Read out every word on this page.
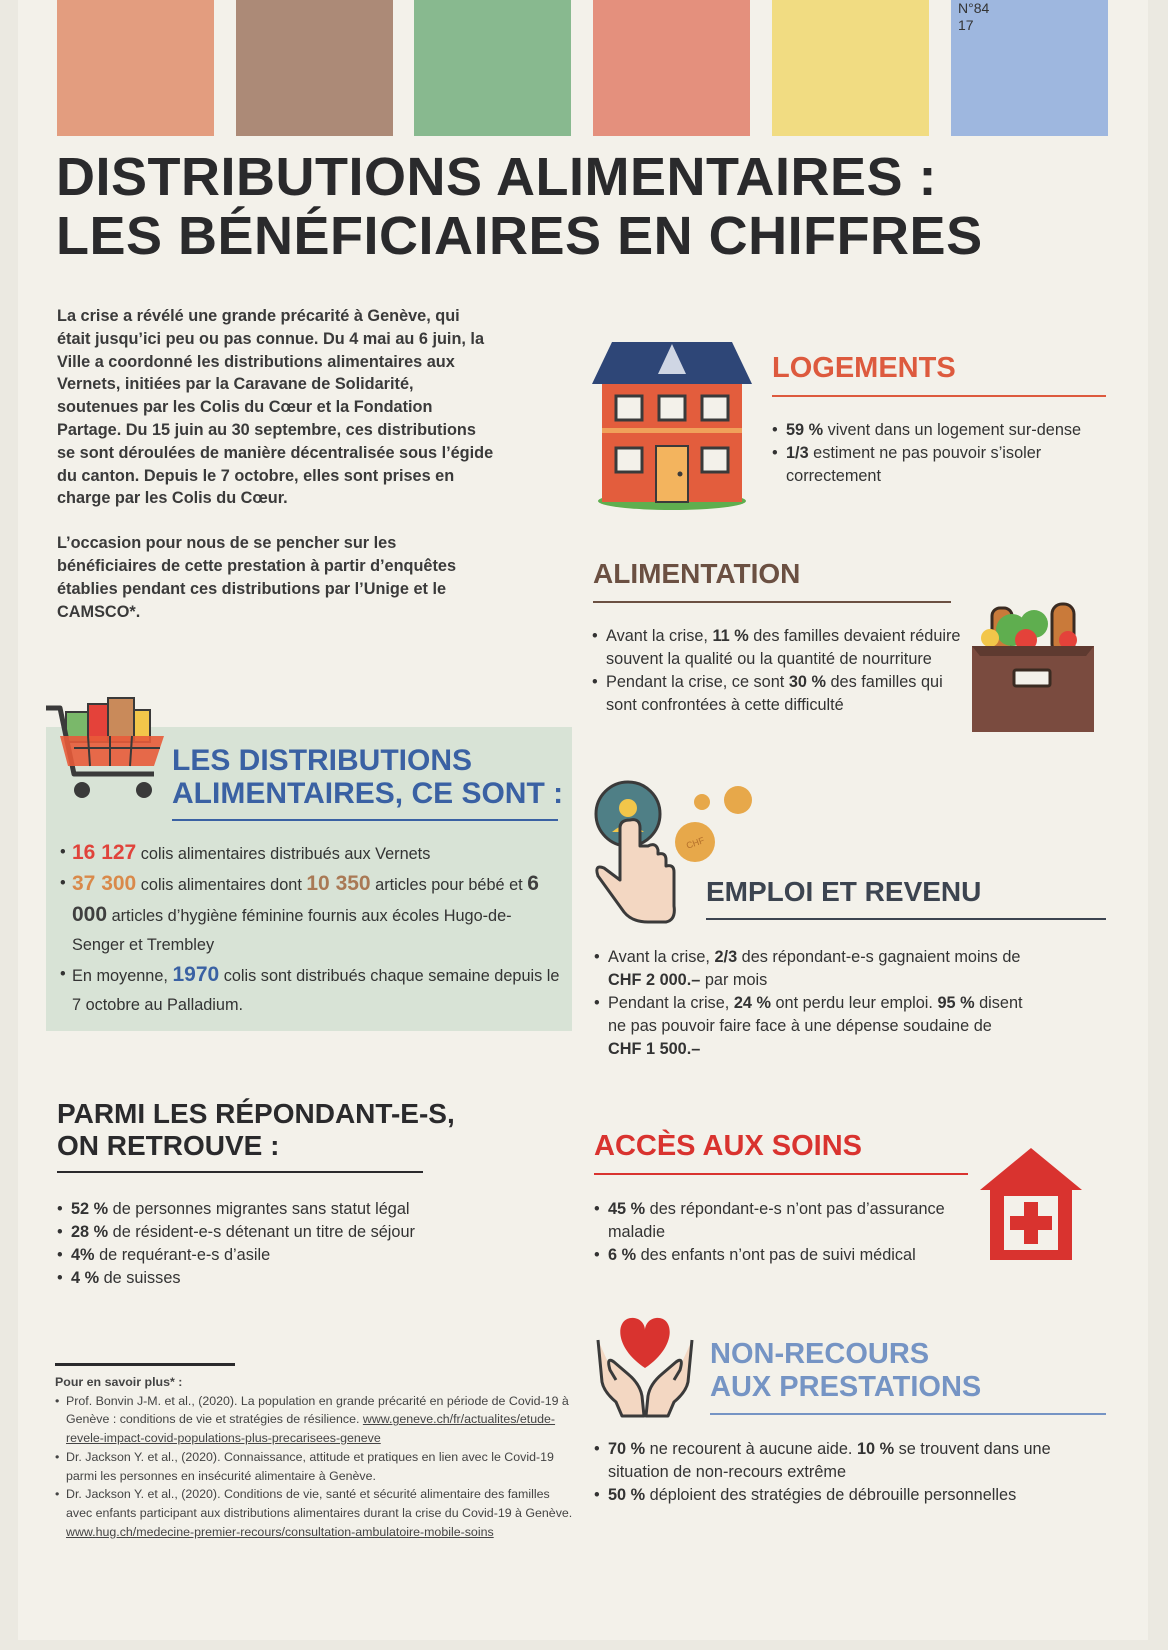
N°84
17
DISTRIBUTIONS ALIMENTAIRES :
LES BÉNÉFICIAIRES EN CHIFFRES

La crise a révélé une grande précarité à Genève, qui était jusqu’ici peu ou pas connue. Du 4 mai au 6 juin, la Ville a coordonné les distributions alimentaires aux Vernets, initiées par la Caravane de Solidarité, soutenues par les Colis du Cœur et la Fondation Partage. Du 15 juin au 30 septembre, ces distributions se sont déroulées de manière décentralisée sous l’égide du canton. Depuis le 7 octobre, elles sont prises en charge par les Colis du Cœur.

L’occasion pour nous de se pencher sur les bénéficiaires de cette prestation à partir d’enquêtes établies pendant ces distributions par l’Unige et le CAMSCO*.

LOGEMENTS
• 59 % vivent dans un logement sur-dense
• 1/3 estiment ne pas pouvoir s’isoler correctement
ALIMENTATION
• Avant la crise, 11 % des familles devaient réduire souvent la qualité ou la quantité de nourriture
• Pendant la crise, ce sont 30 % des familles qui sont confrontées à cette difficulté
LES DISTRIBUTIONS
ALIMENTAIRES, CE SONT :
• 16 127 colis alimentaires distribués aux Vernets
• 37 300 colis alimentaires dont 10 350 articles pour bébé et 6 000 articles d’hygiène féminine fournis aux écoles Hugo-de-Senger et Trembley
• En moyenne, 1970 colis sont distribués chaque semaine depuis le 7 octobre au Palladium.
CHF
EMPLOI ET REVENU
• Avant la crise, 2/3 des répondant-e-s gagnaient moins de CHF 2 000.– par mois
• Pendant la crise, 24 % ont perdu leur emploi. 95 % disent ne pas pouvoir faire face à une dépense soudaine de CHF 1 500.–
PARMI LES RÉPONDANT-E-S,
ON RETROUVE :
• 52 % de personnes migrantes sans statut légal
• 28 % de résident-e-s détenant un titre de séjour
• 4% de requérant-e-s d’asile
• 4 % de suisses
ACCÈS AUX SOINS
• 45 % des répondant-e-s n’ont pas d’assurance maladie
• 6 % des enfants n’ont pas de suivi médical
NON-RECOURS
AUX PRESTATIONS
• 70 % ne recourent à aucune aide. 10 % se trouvent dans une situation de non-recours extrême
• 50 % déploient des stratégies de débrouille personnelles
Pour en savoir plus* :
• Prof. Bonvin J-M. et al., (2020). La population en grande précarité en période de Covid-19 à Genève : conditions de vie et stratégies de résilience. www.geneve.ch/fr/actualites/etude-revele-impact-covid-populations-plus-precarisees-geneve
• Dr. Jackson Y. et al., (2020). Connaissance, attitude et pratiques en lien avec le Covid-19 parmi les personnes en insécurité alimentaire à Genève.
• Dr. Jackson Y. et al., (2020). Conditions de vie, santé et sécurité alimentaire des familles avec enfants participant aux distributions alimentaires durant la crise du Covid-19 à Genève. www.hug.ch/medecine-premier-recours/consultation-ambulatoire-mobile-soins
